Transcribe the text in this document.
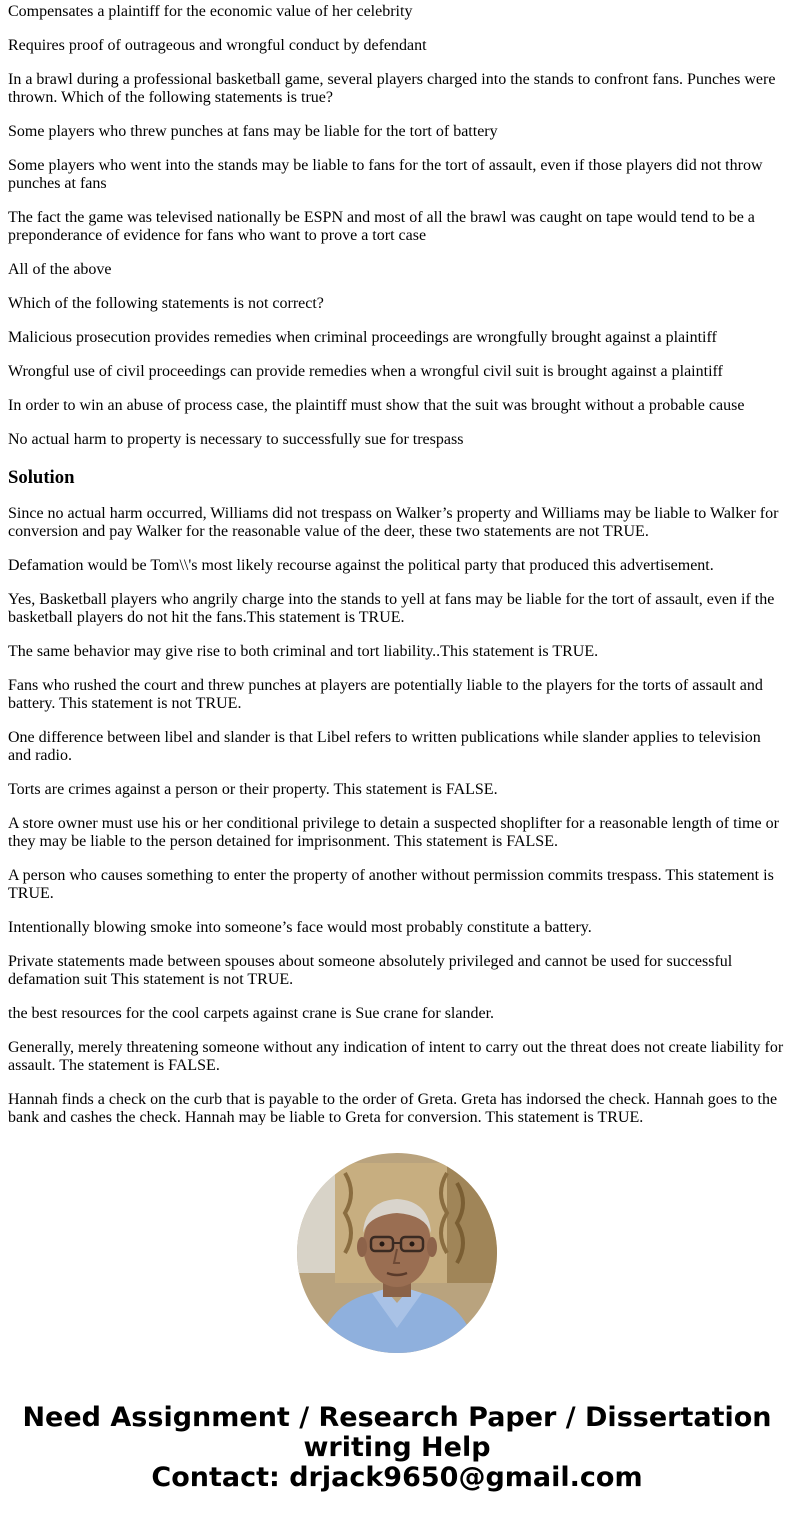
Compensates a plaintiff for the economic value of her celebrity

Requires proof of outrageous and wrongful conduct by defendant

In a brawl during a professional basketball game, several players charged into the stands to confront fans. Punches were thrown. Which of the following statements is true?

Some players who threw punches at fans may be liable for the tort of battery

Some players who went into the stands may be liable to fans for the tort of assault, even if those players did not throw punches at fans

The fact the game was televised nationally be ESPN and most of all the brawl was caught on tape would tend to be a preponderance of evidence for fans who want to prove a tort case

All of the above

Which of the following statements is not correct?

Malicious prosecution provides remedies when criminal proceedings are wrongfully brought against a plaintiff

Wrongful use of civil proceedings can provide remedies when a wrongful civil suit is brought against a plaintiff

In order to win an abuse of process case, the plaintiff must show that the suit was brought without a probable cause

No actual harm to property is necessary to successfully sue for trespass

Solution

Since no actual harm occurred, Williams did not trespass on Walker’s property and Williams may be liable to Walker for conversion and pay Walker for the reasonable value of the deer, these two statements are not TRUE.

Defamation would be Tom\\'s most likely recourse against the political party that produced this advertisement.

Yes, Basketball players who angrily charge into the stands to yell at fans may be liable for the tort of assault, even if the basketball players do not hit the fans.This statement is TRUE.

The same behavior may give rise to both criminal and tort liability..This statement is TRUE.

Fans who rushed the court and threw punches at players are potentially liable to the players for the torts of assault and battery. This statement is not TRUE.

One difference between libel and slander is that Libel refers to written publications while slander applies to television and radio.

Torts are crimes against a person or their property. This statement is FALSE.

A store owner must use his or her conditional privilege to detain a suspected shoplifter for a reasonable length of time or they may be liable to the person detained for imprisonment. This statement is FALSE.

A person who causes something to enter the property of another without permission commits trespass. This statement is TRUE.

Intentionally blowing smoke into someone’s face would most probably constitute a battery.

Private statements made between spouses about someone absolutely privileged and cannot be used for successful defamation suit This statement is not TRUE.

the best resources for the cool carpets against crane is Sue crane for slander.

Generally, merely threatening someone without any indication of intent to carry out the threat does not create liability for assault. The statement is FALSE.

Hannah finds a check on the curb that is payable to the order of Greta. Greta has indorsed the check. Hannah goes to the bank and cashes the check. Hannah may be liable to Greta for conversion. This statement is TRUE.

Need Assignment / Research Paper / Dissertation
writing Help
Contact: drjack9650@gmail.com
